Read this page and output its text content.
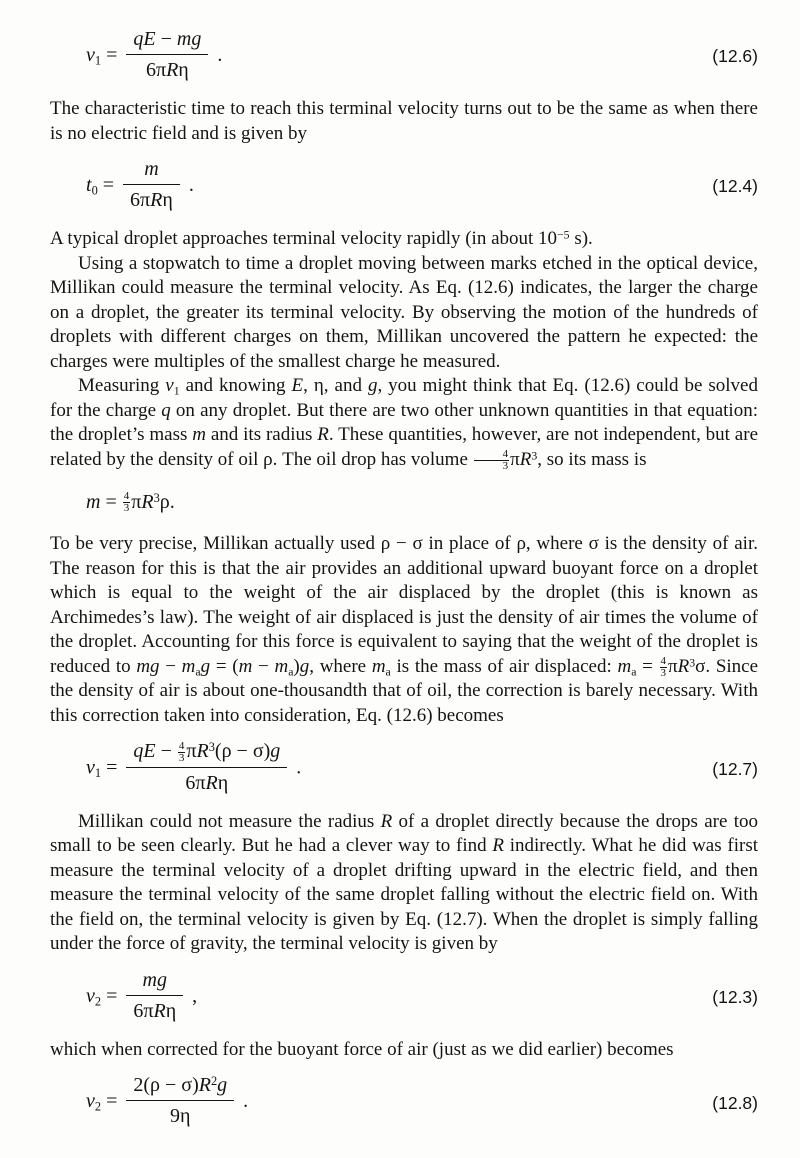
$v_1 = \frac{qE - mg}{\text{6πRη}}$ .	(12.6)

The characteristic time to reach this terminal velocity turns out to be the same as when there is no electric field and is given by

$t_0 = \frac{m}{\text{6πRη}}$ .	(12.4)

A typical droplet approaches terminal velocity rapidly (in about $10^{-5}$ s).

Using a stopwatch to time a droplet moving between marks etched in the optical device, Millikan could measure the terminal velocity. As Eq. (12.6) indicates, the larger the charge on a droplet, the greater its terminal velocity. By observing the motion of the hundreds of droplets with different charges on them, Millikan uncovered the pattern he expected: the charges were multiples of the smallest charge he measured.

Measuring $v_1$ and knowing E, η, and g, you might think that Eq. (12.6) could be solved for the charge q on any droplet. But there are two other unknown quantities in that equation: the droplet’s mass m and its radius R. These quantities, however, are not independent, but are related by the density of oil ρ. The oil drop has volume $\frac{4}{3} \pi R^3$, so its mass is

$m = \frac{4}{3} \pi R^3\rho$.

To be very precise, Millikan actually used ρ − σ in place of ρ, where σ is the density of air. The reason for this is that the air provides an additional upward buoyant force on a droplet which is equal to the weight of the air displaced by the droplet (this is known as Archimedes’s law). The weight of air displaced is just the density of air times the volume of the droplet. Accounting for this force is equivalent to saying that the weight of the droplet is reduced to mg − $m_ag = (m - m_a)g$, where $m_a$ is the mass of air displaced: $m_a = \frac{4}{3} \pi R^3\sigma$. Since the density of air is about one-thousandth that of oil, the correction is barely necessary. With this correction taken into consideration, Eq. (12.6) becomes

$v_1 = \frac{qE - \frac{4}{3} \pi R^3(\rho - \sigma)g}{\text{6πRη}}$ .	(12.7)

Millikan could not measure the radius R of a droplet directly because the drops are too small to be seen clearly. But he had a clever way to find R indirectly. What he did was first measure the terminal velocity of a droplet drifting upward in the electric field, and then measure the terminal velocity of the same droplet falling without the electric field on. With the field on, the terminal velocity is given by Eq. (12.7). When the droplet is simply falling under the force of gravity, the terminal velocity is given by

$v_2 = \frac{mg}{\text{6πRη}}$ ,	(12.3)

which when corrected for the buoyant force of air (just as we did earlier) becomes

$v_2 = \frac{2(\rho - \sigma)R^2g}{9\eta}$ .	(12.8)
